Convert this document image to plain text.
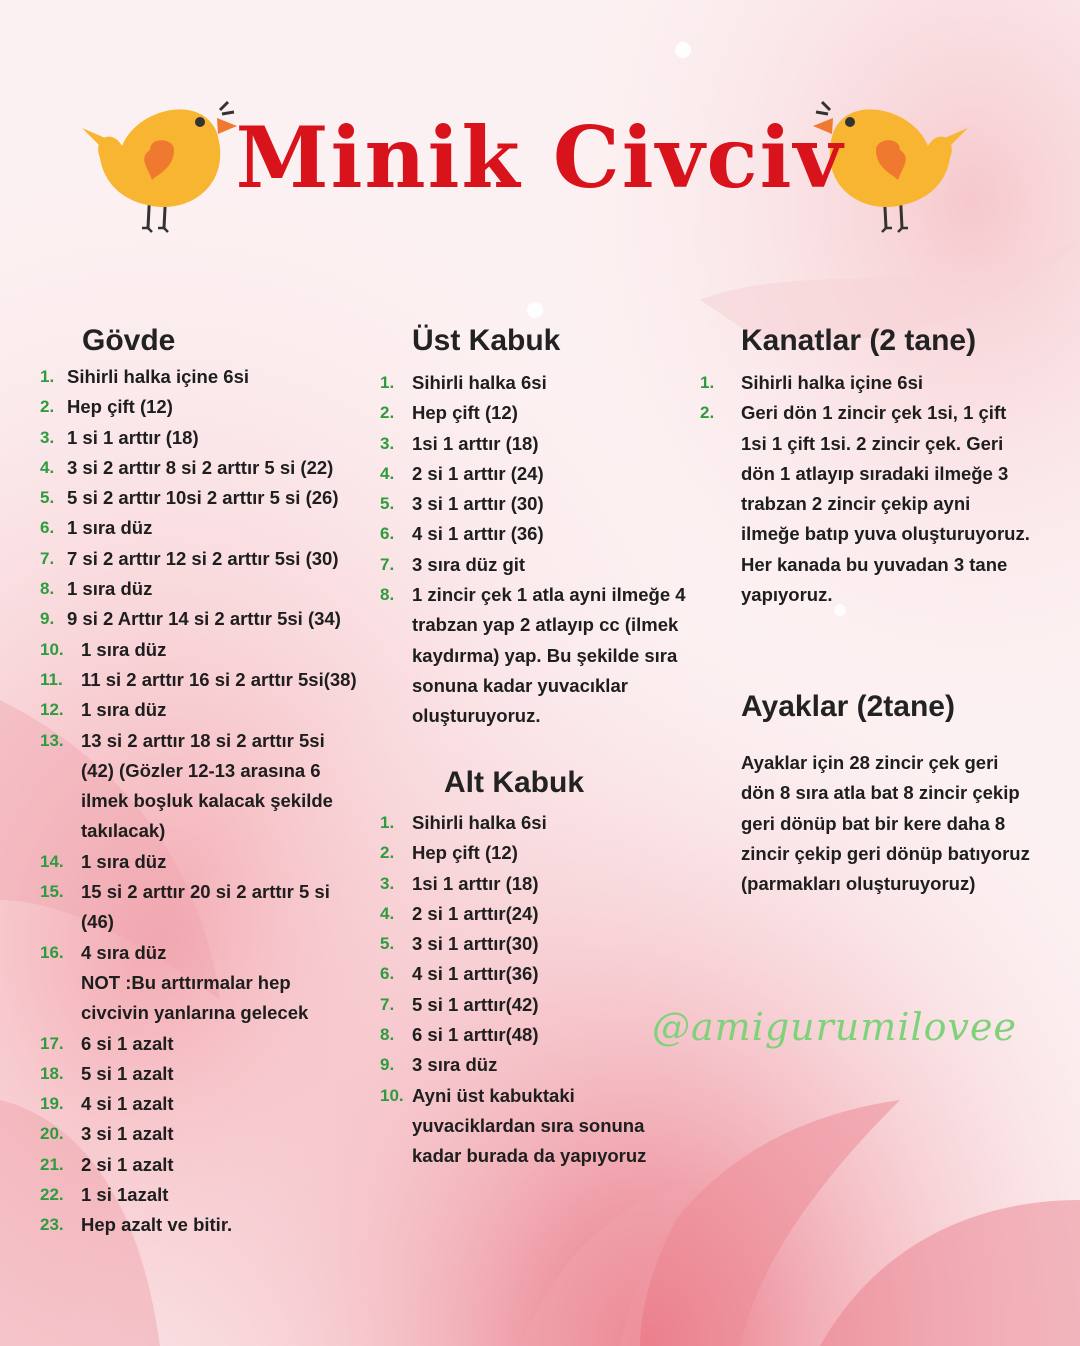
Minik Civciv
Gövde
1. Sihirli halka içine 6si
2. Hep çift (12)
3. 1 si 1 arttır (18)
4. 3 si 2 arttır 8 si 2 arttır 5 si (22)
5. 5 si 2 arttır 10si 2 arttır 5 si (26)
6. 1 sıra düz
7. 7 si 2 arttır 12 si 2 arttır 5si (30)
8. 1 sıra düz
9. 9 si 2 Arttır 14 si 2 arttır 5si (34)
10. 1 sıra düz
11. 11 si 2 arttır 16 si 2 arttır 5si(38)
12. 1 sıra düz
13. 13 si 2 arttır 18 si 2 arttır 5si (42) (Gözler 12-13 arasına 6 ilmek boşluk kalacak şekilde takılacak)
14. 1 sıra düz
15. 15 si 2 arttır 20 si 2 arttır 5 si (46)
16. 4 sıra düz
NOT :Bu arttırmalar hep civcivin yanlarına gelecek
17. 6 si 1 azalt
18. 5 si 1 azalt
19. 4 si 1 azalt
20. 3 si 1 azalt
21. 2 si 1 azalt
22. 1 si 1azalt
23. Hep azalt ve bitir.
Üst Kabuk
1. Sihirli halka 6si
2. Hep çift (12)
3. 1si 1 arttır (18)
4. 2 si 1 arttır (24)
5. 3 si 1 arttır (30)
6. 4 si 1 arttır (36)
7. 3 sıra düz git
8. 1 zincir çek 1 atla ayni ilmeğe 4 trabzan yap 2 atlayıp cc (ilmek kaydırma) yap. Bu şekilde sıra sonuna kadar yuvacıklar oluşturuyoruz.
Alt Kabuk
1. Sihirli halka 6si
2. Hep çift (12)
3. 1si 1 arttır (18)
4. 2 si 1 arttır(24)
5. 3 si 1 arttır(30)
6. 4 si 1 arttır(36)
7. 5 si 1 arttır(42)
8. 6 si 1 arttır(48)
9. 3 sıra düz
10. Ayni üst kabuktaki yuvaciklardan sıra sonuna kadar burada da yapıyoruz
Kanatlar (2 tane)
1. Sihirli halka içine 6si
2. Geri dön 1 zincir çek 1si, 1 çift 1si 1 çift 1si. 2 zincir çek. Geri dön 1 atlayıp sıradaki ilmeğe 3 trabzan 2 zincir çekip ayni ilmeğe batıp yuva oluşturuyoruz. Her kanada bu yuvadan 3 tane yapıyoruz.
Ayaklar (2tane)
Ayaklar için 28 zincir çek geri dön 8 sıra atla bat 8 zincir çekip geri dönüp bat bir kere daha 8 zincir çekip geri dönüp batıyoruz (parmakları oluşturuyoruz)
@amigurumilovee
